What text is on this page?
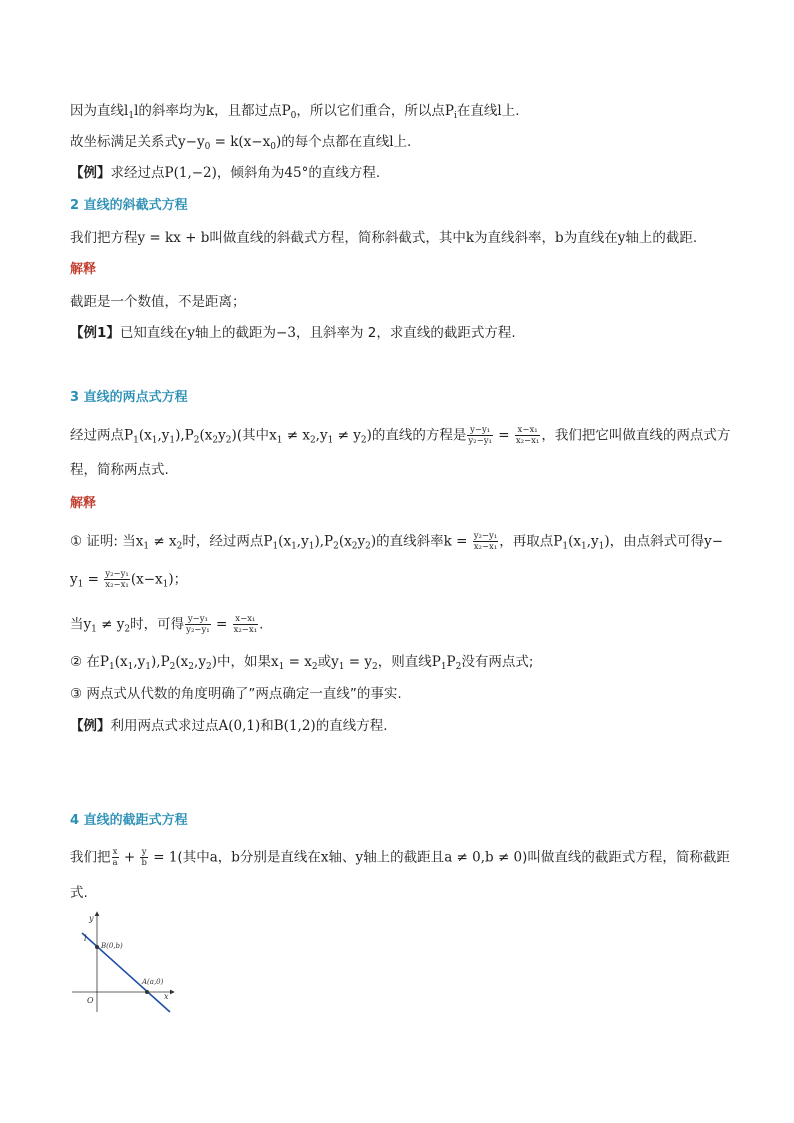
因为直线$l_1l$的斜率均为k，且都过点$P_0$，所以它们重合，所以点$P_i$在直线l上.
故坐标满足关系式$y-y_0 = k(x-x_0)$的每个点都在直线l上.
【例】求经过点P(1,−2)，倾斜角为45°的直线方程.
2 直线的斜截式方程
我们把方程y = kx + b叫做直线的斜截式方程，简称斜截式，其中k为直线斜率，b为直线在y轴上的截距.
解释
截距是一个数值，不是距离；
【例1】已知直线在y轴上的截距为−3，且斜率为 2，求直线的截距式方程.
3 直线的两点式方程
经过两点$P_1(x_1,y_1),P_2(x_2y_2)$(其中$x_1 \ne x_2,y_1 \ne y_2$)的直线的方程是 $\frac{\text{y−y₁}}{\text{y₂−y₁}} = \frac{\text{x−x₁}}{\text{x₂−x₁}}$ ，我们把它叫做直线的两点式方
程，简称两点式.
解释
① 证明: 当$x_1 \ne x_2$时，经过两点$P_1(x_1,y_1),P_2(x_2y_2)$的直线斜率$k = \frac{\text{y₂−y₁}}{\text{x₂−x₁}}$ ，再取点$P_1(x_1,y_1)$，由点斜式可得y−
$y_1 = \frac{\text{y₂−y₁}}{\text{x₂−x₁}} (x-x_1)$；
当$y_1 \ne y_2$时，可得 $\frac{\text{y−y₁}}{\text{y₂−y₁}} = \frac{\text{x−x₁}}{\text{x₂−x₁}}$ .
② 在$P_1(x_1,y_1),P_2(x_2,y_2)$中，如果$x_1 = x_2$或$y_1 = y_2$，则直线$P_1P_2$没有两点式;
③ 两点式从代数的角度明确了”两点确定一直线”的事实.
【例】利用两点式求过点A(0,1)和B(1,2)的直线方程.
4 直线的截距式方程
我们把 $\frac{x}{a} + \frac{y}{b} = 1$(其中a，b分别是直线在x轴、y轴上的截距且a ≠ 0,b ≠ 0)叫做直线的截距式方程，简称截距
式.
y
l
B(0,b)
A(a,0)
O	x
